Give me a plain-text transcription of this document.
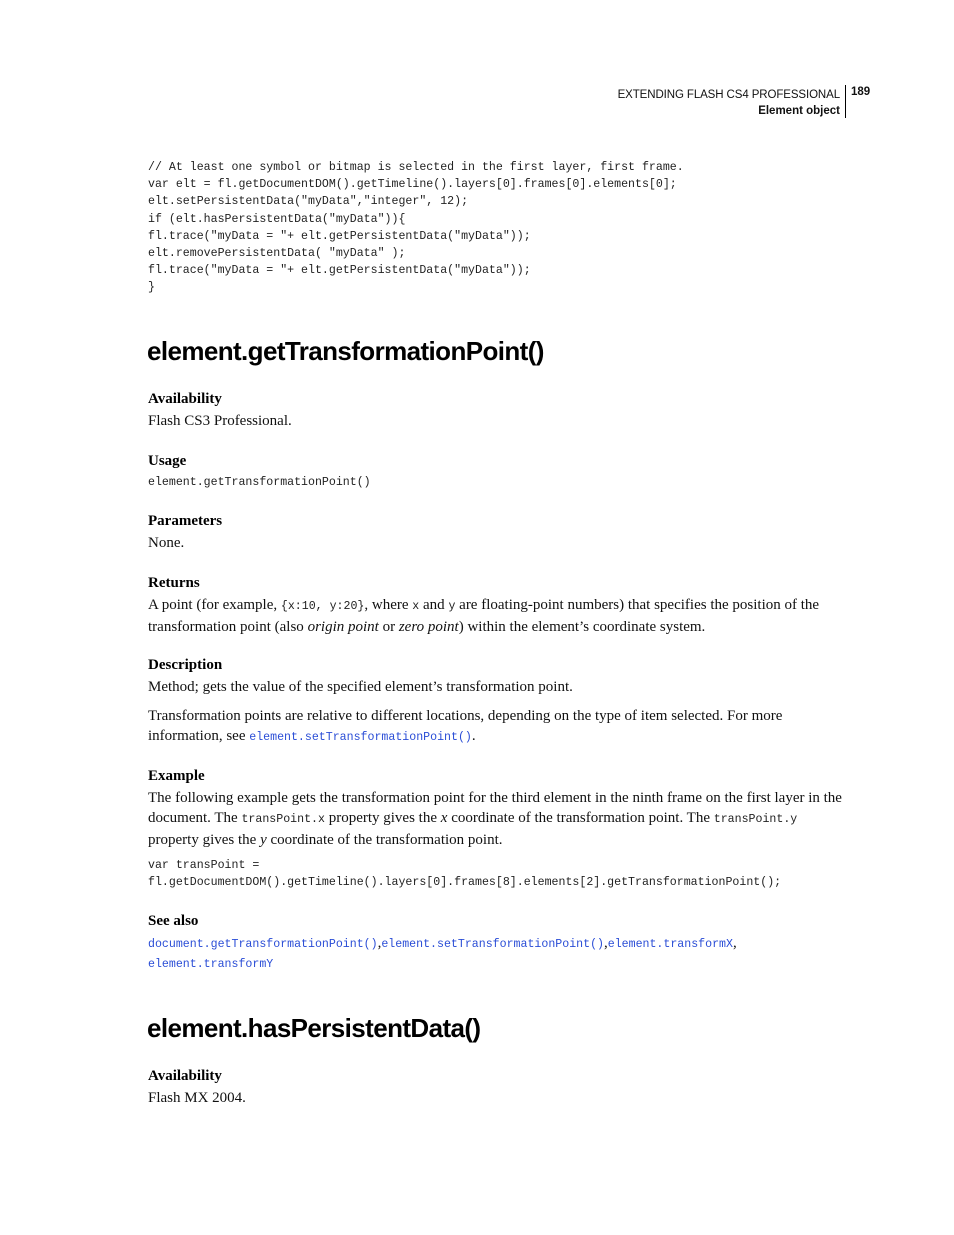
EXTENDING FLASH CS4 PROFESSIONAL
Element object
189
// At least one symbol or bitmap is selected in the first layer, first frame.
var elt = fl.getDocumentDOM().getTimeline().layers[0].frames[0].elements[0];
elt.setPersistentData("myData","integer", 12);
if (elt.hasPersistentData("myData")){
fl.trace("myData = "+ elt.getPersistentData("myData"));
elt.removePersistentData( "myData" );
fl.trace("myData = "+ elt.getPersistentData("myData"));
}
element.getTransformationPoint()
Availability
Flash CS3 Professional.
Usage
element.getTransformationPoint()
Parameters
None.
Returns
A point (for example, {x:10, y:20}, where x and y are floating-point numbers) that specifies the position of the transformation point (also origin point or zero point) within the element’s coordinate system.
Description
Method; gets the value of the specified element’s transformation point.
Transformation points are relative to different locations, depending on the type of item selected. For more information, see element.setTransformationPoint().
Example
The following example gets the transformation point for the third element in the ninth frame on the first layer in the document. The transPoint.x property gives the x coordinate of the transformation point. The transPoint.y property gives the y coordinate of the transformation point.
var transPoint =
fl.getDocumentDOM().getTimeline().layers[0].frames[8].elements[2].getTransformationPoint();
See also
document.getTransformationPoint(),element.setTransformationPoint(),element.transformX,
element.transformY
element.hasPersistentData()
Availability
Flash MX 2004.
